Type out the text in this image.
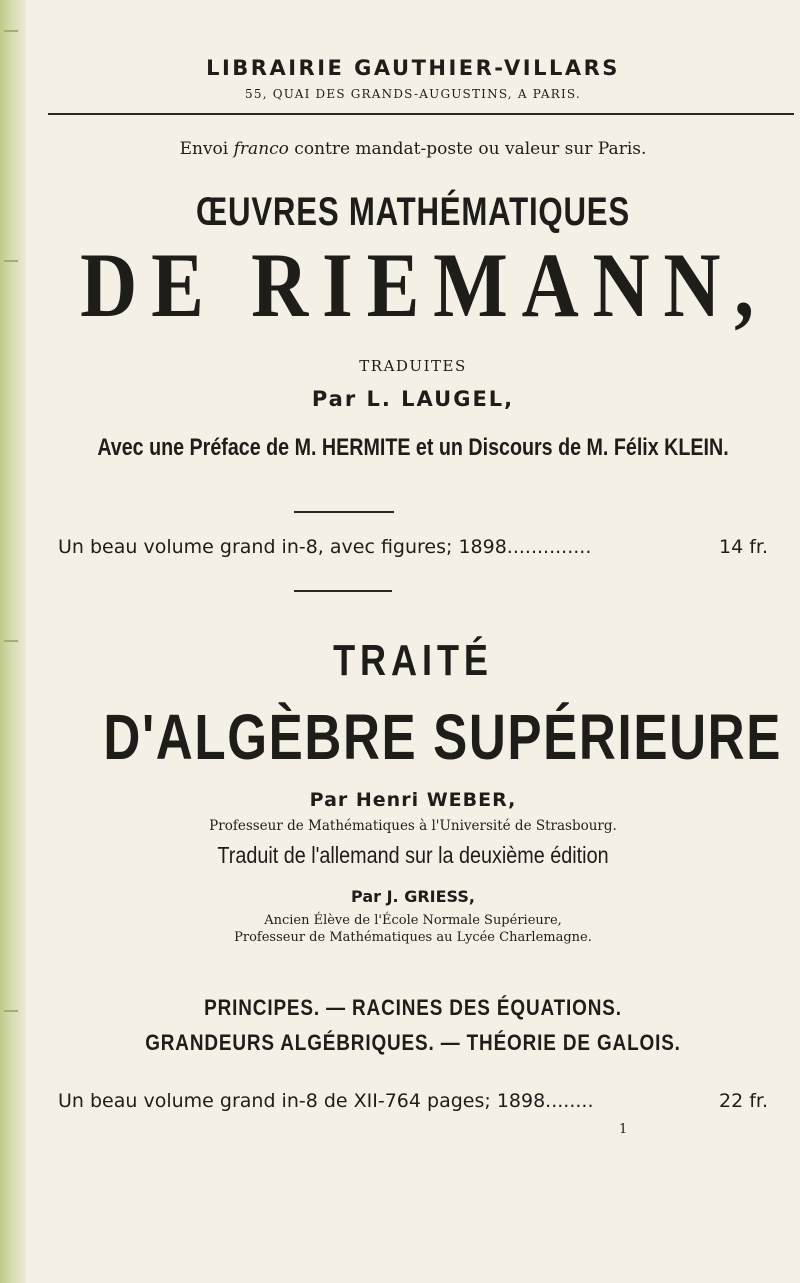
LIBRAIRIE GAUTHIER-VILLARS
55, QUAI DES GRANDS-AUGUSTINS, A PARIS.
Envoi franco contre mandat-poste ou valeur sur Paris.
ŒUVRES MATHÉMATIQUES
DE RIEMANN,
TRADUITES
Par L. LAUGEL,
Avec une Préface de M. HERMITE et un Discours de M. Félix KLEIN.
Un beau volume grand in-8, avec figures; 1898..............	14 fr.
TRAITÉ
D'ALGÈBRE SUPÉRIEURE
Par Henri WEBER,
Professeur de Mathématiques à l'Université de Strasbourg.
Traduit de l'allemand sur la deuxième édition
Par J. GRIESS,
Ancien Élève de l'École Normale Supérieure,
Professeur de Mathématiques au Lycée Charlemagne.
PRINCIPES. — RACINES DES ÉQUATIONS.
GRANDEURS ALGÉBRIQUES. — THÉORIE DE GALOIS.
Un beau volume grand in-8 de XII-764 pages; 1898........	22 fr.
1
